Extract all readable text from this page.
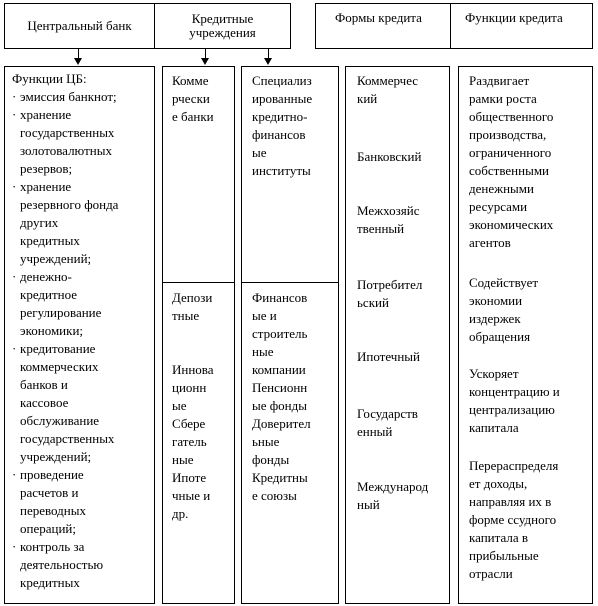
Центральный банк	Кредитные учреждения
Формы кредита	Функции кредита
Функции ЦБ:
· эмиссия банкнот;
· хранение
государственных
золотовалютных
резервов;
· хранение
резервного фонда
других
кредитных
учреждений;
· денежно-
кредитное
регулирование
экономики;
· кредитование
коммерческих
банков и
кассовое
обслуживание
государственных
учреждений;
· проведение
расчетов и
переводных
операций;
· контроль за
деятельностью
кредитных
Комме
рчески
е банки
Депози
тные

Иннова
ционн
ые
Сбере
гатель
ные
Ипоте
чные и
др.
Специализ
ированные
кредитно-
финансов
ые
институты
Финансов
ые и
строитель
ные
компании
Пенсионн
ые фонды
Доверител
ьные
фонды
Кредитны
е союзы
Коммерчес
кий
Банковский
Межхозяйс
твенный
Потребител
ьский
Ипотечный
Государств
енный
Международ
ный
Раздвигает
рамки роста
общественного
производства,
ограниченного
собственными
денежными
ресурсами
экономических
агентов
Содействует
экономии
издержек
обращения
Ускоряет
концентрацию и
централизацию
капитала
Перераспределя
ет доходы,
направляя их в
форме ссудного
капитала в
прибыльные
отрасли
